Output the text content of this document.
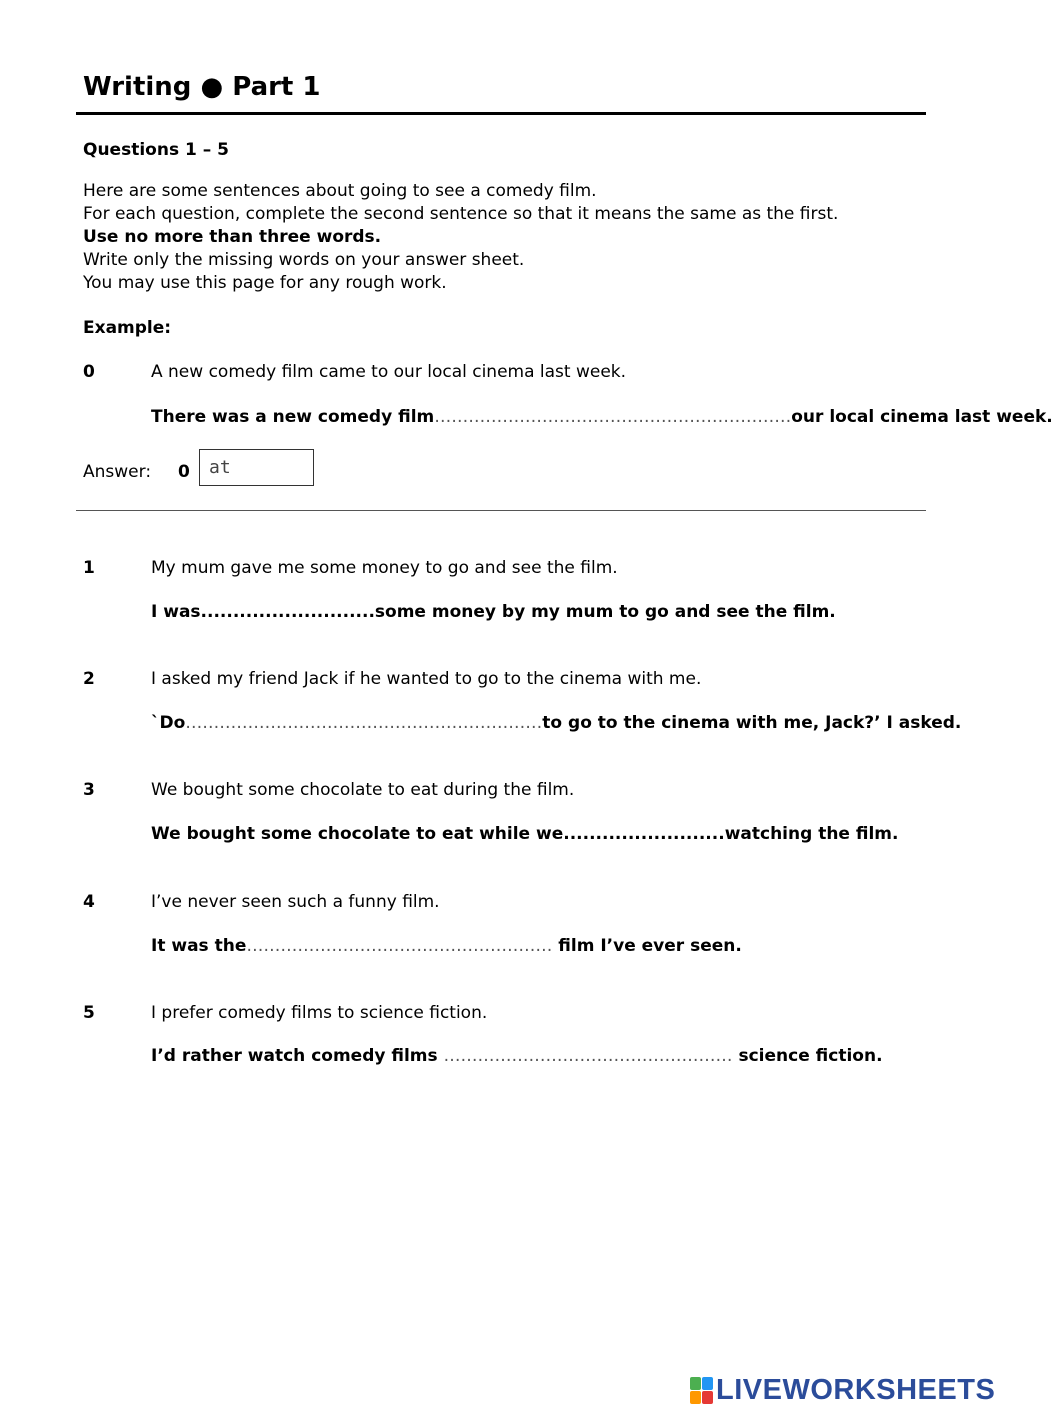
Writing ● Part 1
Questions 1 – 5
Here are some sentences about going to see a comedy film.
For each question, complete the second sentence so that it means the same as the first.
Use no more than three words.
Write only the missing words on your answer sheet.
You may use this page for any rough work.
Example:
0	A new comedy film came to our local cinema last week.
There was a new comedy film………………………………………………………our local cinema last week.
Answer: 0	at
1	My mum gave me some money to go and see the film.
I was...........................some money by my mum to go and see the film.
2	I asked my friend Jack if he wanted to go to the cinema with me.
`Do………………………………………………………to go to the cinema with me, Jack?’ I asked.
3	We bought some chocolate to eat during the film.
We bought some chocolate to eat while we.........................watching the film.
4	I’ve never seen such a funny film.
It was the……………………………………………… film I’ve ever seen.
5	I prefer comedy films to science fiction.
I’d rather watch comedy films …………………………………………… science fiction.
LIVEWORKSHEETS
